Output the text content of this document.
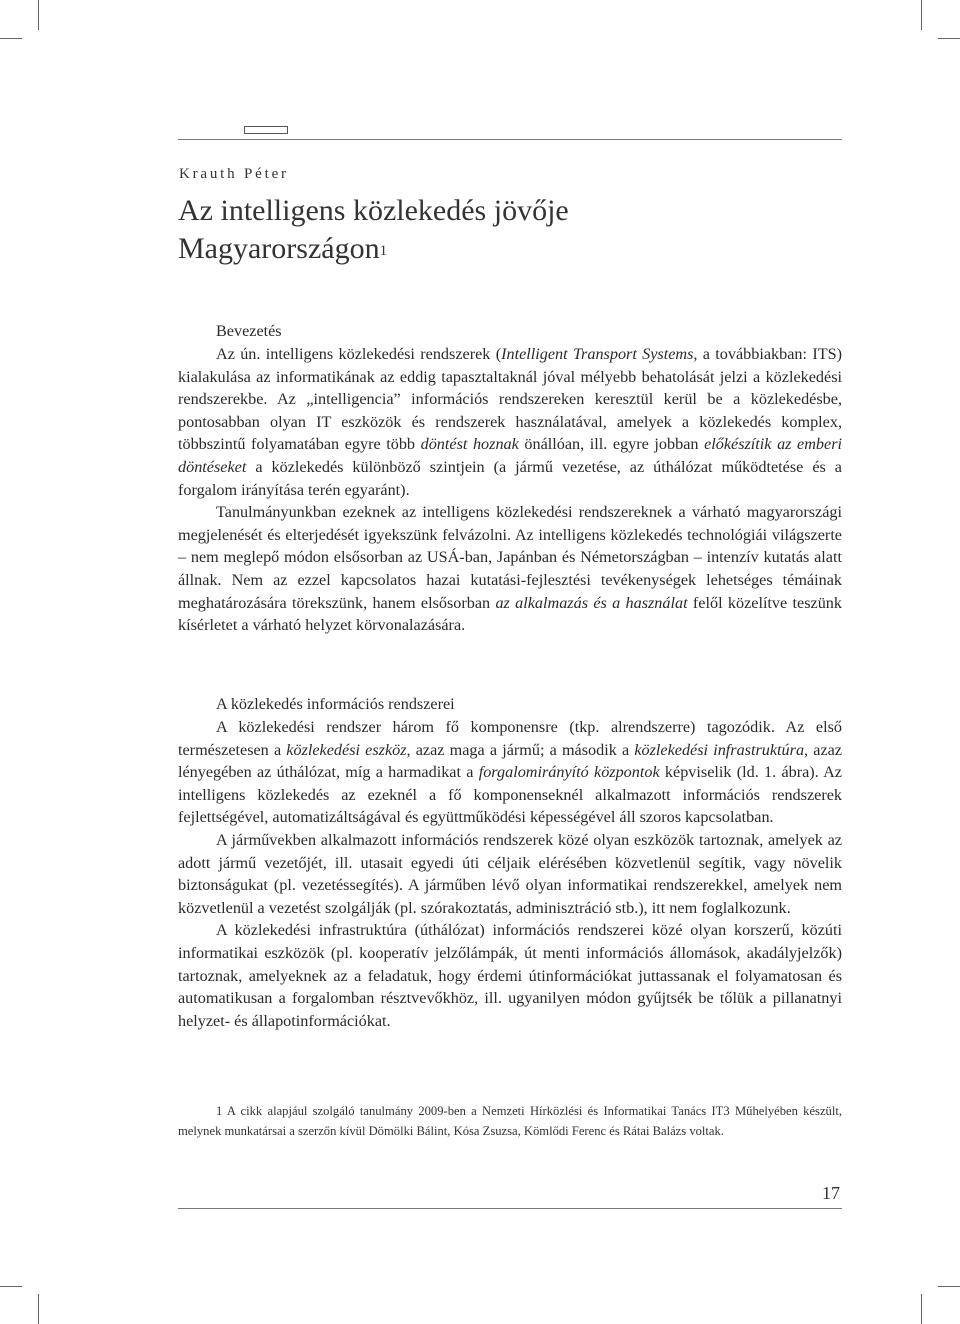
Krauth Péter
Az intelligens közlekedés jövője
Magyarországon$^1$
Bevezetés

Az ún. intelligens közlekedési rendszerek (Intelligent Transport Systems, a továbbiakban: ITS) kialakulása az informatikának az eddig tapasztaltaknál jóval mélyebb behatolását jelzi a közlekedési rendszerekbe. Az „intelligencia” információs rendszereken keresztül kerül be a közlekedésbe, pontosabban olyan IT eszközök és rendszerek használatával, amelyek a közlekedés komplex, többszintű folyamatában egyre több döntést hoznak önállóan, ill. egyre jobban előkészítik az emberi döntéseket a közlekedés különböző szintjein (a jármű vezetése, az úthálózat működtetése és a forgalom irányítása terén egyaránt).

Tanulmányunkban ezeknek az intelligens közlekedési rendszereknek a várható magyarországi megjelenését és elterjedését igyekszünk felvázolni. Az intelligens közlekedés technológiái világszerte – nem meglepő módon elsősorban az USÁ-ban, Japánban és Németországban – intenzív kutatás alatt állnak. Nem az ezzel kapcsolatos hazai kutatási-fejlesztési tevékenységek lehetséges témáinak meghatározására törekszünk, hanem elsősorban az alkalmazás és a használat felől közelítve teszünk kísérletet a várható helyzet körvonalazására.

A közlekedés információs rendszerei

A közlekedési rendszer három fő komponensre (tkp. alrendszerre) tagozódik. Az első természetesen a közlekedési eszköz, azaz maga a jármű; a második a közlekedési infrastruktúra, azaz lényegében az úthálózat, míg a harmadikat a forgalomirányító központok képviselik (ld. 1. ábra). Az intelligens közlekedés az ezeknél a fő komponenseknél alkalmazott információs rendszerek fejlettségével, automatizáltságával és együttműködési képességével áll szoros kapcsolatban.

A járművekben alkalmazott információs rendszerek közé olyan eszközök tartoznak, amelyek az adott jármű vezetőjét, ill. utasait egyedi úti céljaik elérésében közvetlenül segítik, vagy növelik biztonságukat (pl. vezetéssegítés). A járműben lévő olyan informatikai rendszerekkel, amelyek nem közvetlenül a vezetést szolgálják (pl. szórakoztatás, adminisztráció stb.), itt nem foglalkozunk.

A közlekedési infrastruktúra (úthálózat) információs rendszerei közé olyan korszerű, közúti informatikai eszközök (pl. kooperatív jelzőlámpák, út menti információs állomások, akadályjelzők) tartoznak, amelyeknek az a feladatuk, hogy érdemi útinformációkat juttassanak el folyamatosan és automatikusan a forgalomban résztvevőkhöz, ill. ugyanilyen módon gyűjtsék be tőlük a pillanatnyi helyzet- és állapotinformációkat.

1 A cikk alapjául szolgáló tanulmány 2009-ben a Nemzeti Hírközlési és Informatikai Tanács IT3 Műhelyében készült, melynek munkatársai a szerzőn kívül Dömölki Bálint, Kósa Zsuzsa, Kömlődi Ferenc és Rátai Balázs voltak.

17
